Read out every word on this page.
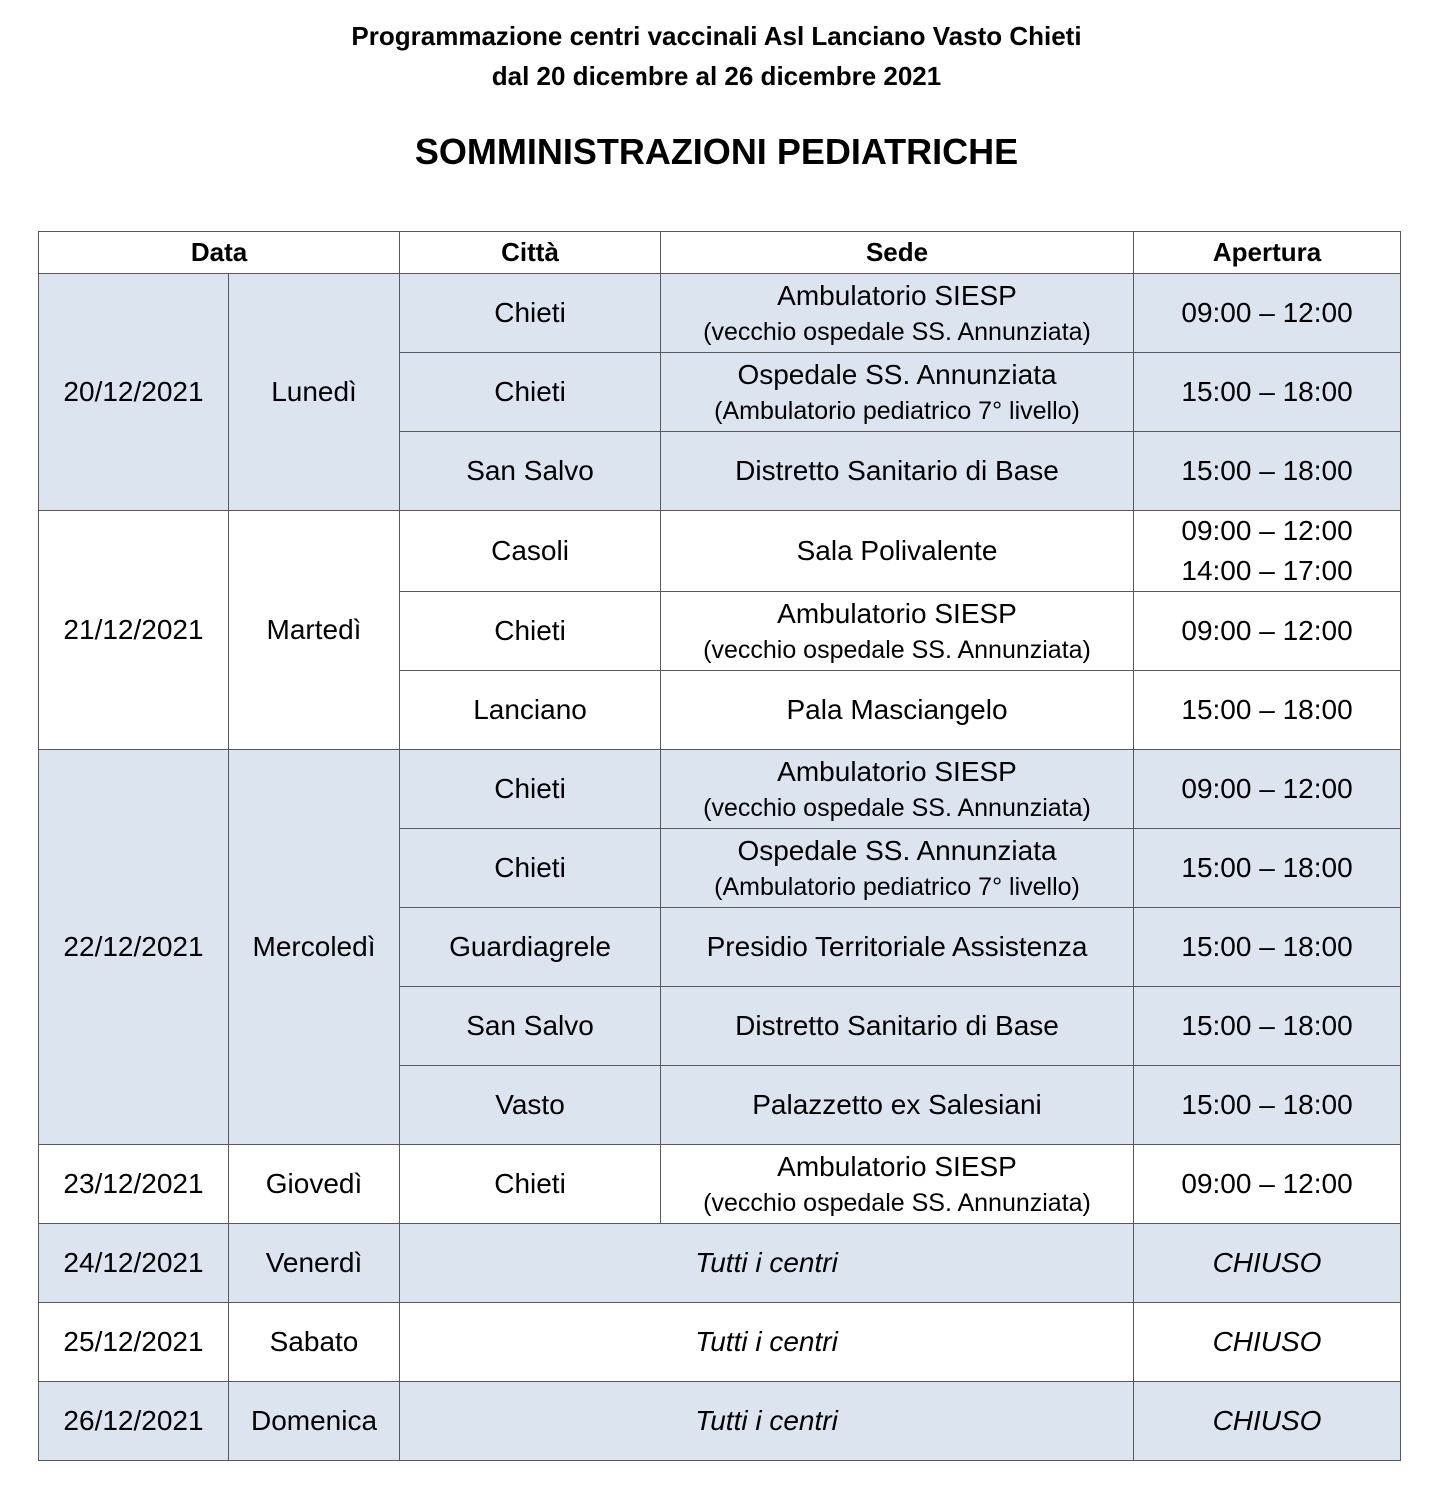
Programmazione centri vaccinali Asl Lanciano Vasto Chieti
dal 20 dicembre al 26 dicembre 2021
SOMMINISTRAZIONI PEDIATRICHE
Data		Città	Sede	Apertura
20/12/2021	Lunedì	Chieti	Ambulatorio SIESP
(vecchio ospedale SS. Annunziata)	09:00 – 12:00
		Chieti	Ospedale SS. Annunziata
(Ambulatorio pediatrico 7° livello)	15:00 – 18:00
		San Salvo	Distretto Sanitario di Base	15:00 – 18:00
21/12/2021	Martedì	Casoli	Sala Polivalente	09:00 – 12:00
14:00 – 17:00

		Chieti	Ambulatorio SIESP
(vecchio ospedale SS. Annunziata)	09:00 – 12:00
		Lanciano	Pala Masciangelo	15:00 – 18:00
22/12/2021	Mercoledì	Chieti	Ambulatorio SIESP
(vecchio ospedale SS. Annunziata)	09:00 – 12:00
		Chieti	Ospedale SS. Annunziata
(Ambulatorio pediatrico 7° livello)	15:00 – 18:00
		Guardiagrele	Presidio Territoriale Assistenza	15:00 – 18:00
		San Salvo	Distretto Sanitario di Base	15:00 – 18:00
		Vasto	Palazzetto ex Salesiani	15:00 – 18:00
23/12/2021	Giovedì	Chieti	Ambulatorio SIESP
(vecchio ospedale SS. Annunziata)	09:00 – 12:00
24/12/2021	Venerdì	Tutti i centri		CHIUSO
25/12/2021	Sabato	Tutti i centri		CHIUSO
26/12/2021	Domenica	Tutti i centri		CHIUSO
